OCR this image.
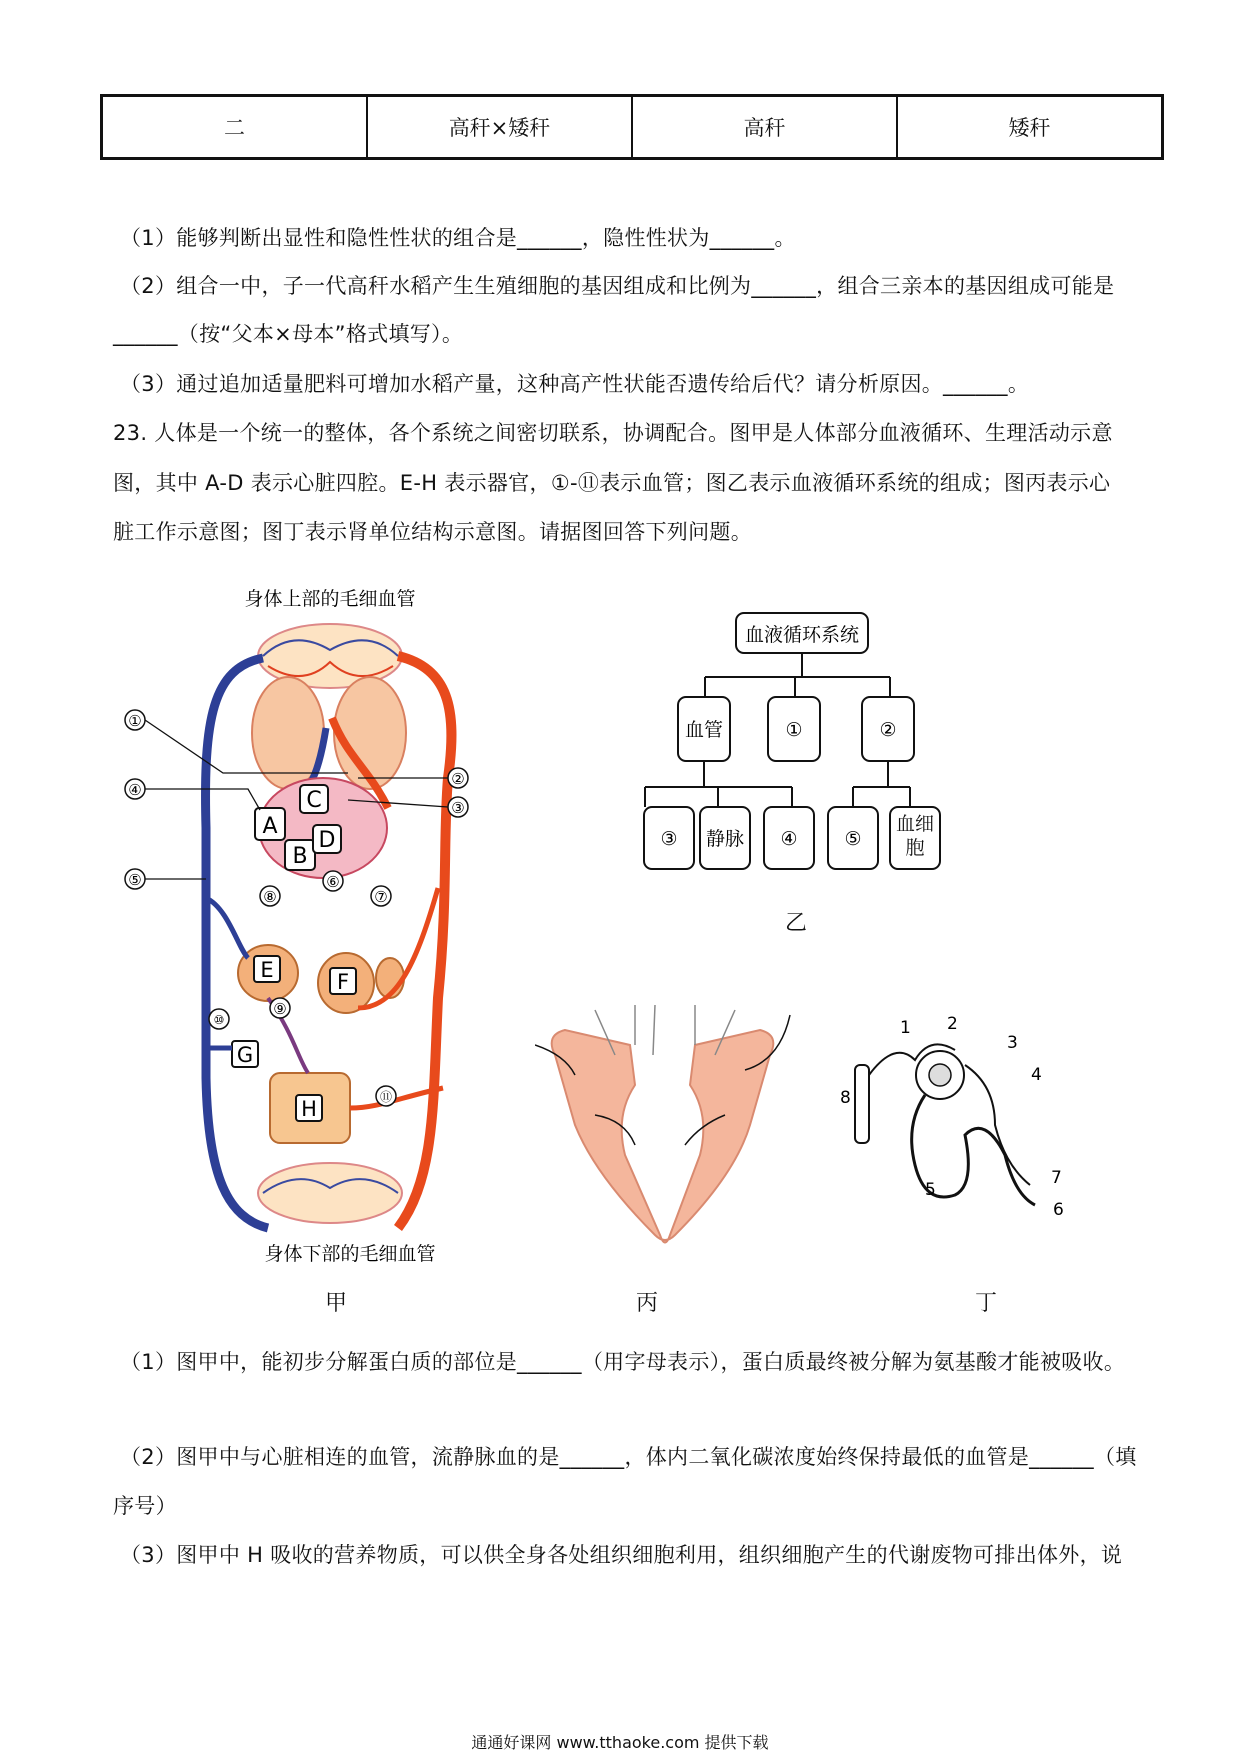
二	高秆×矮秆	高秆	矮秆
（1）能够判断出显性和隐性性状的组合是______，隐性性状为______。
（2）组合一中，子一代高秆水稻产生生殖细胞的基因组成和比例为______，组合三亲本的基因组成可能是
______（按“父本×母本”格式填写）。
（3）通过追加适量肥料可增加水稻产量，这种高产性状能否遗传给后代？请分析原因。______。
23. 人体是一个统一的整体，各个系统之间密切联系，协调配合。图甲是人体部分血液循环、生理活动示意
图，其中 A-D 表示心脏四腔。E-H 表示器官，①-⑪表示血管；图乙表示血液循环系统的组成；图丙表示心
脏工作示意图；图丁表示肾单位结构示意图。请据图回答下列问题。
身体上部的毛细血管
A
B
C
D
E	F
G
H
①
④
⑤
②
③
⑥
⑦
⑧
⑨
⑩
⑪
身体下部的毛细血管
甲
血液循环系统
血管	①	②
③ 静脉 ④ ⑤
血细胞
乙
丙
1 2
3
4
5
6
7
8
丁
（1）图甲中，能初步分解蛋白质的部位是______（用字母表示），蛋白质最终被分解为氨基酸才能被吸收。
（2）图甲中与心脏相连的血管，流静脉血的是______，体内二氧化碳浓度始终保持最低的血管是______（填
序号）
（3）图甲中 H 吸收的营养物质，可以供全身各处组织细胞利用，组织细胞产生的代谢废物可排出体外，说
通通好课网 www.tthaoke.com 提供下载
